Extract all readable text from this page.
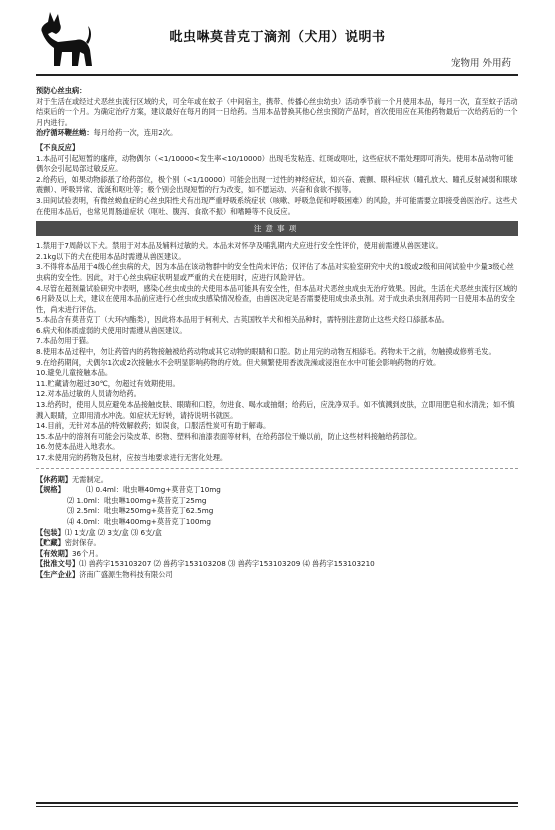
吡虫啉莫昔克丁滴剂（犬用）说明书
宠物用 外用药

预防心丝虫病：

对于生活在或经过犬恶丝虫流行区域的犬，可全年或在蚊子（中间宿主，携带、传播心丝虫幼虫）活动季节前一个月使用本品，每月一次，直至蚊子活动结束后的一个月。为确定治疗方案，建议最好在每月的同一日给药。当用本品替换其他心丝虫预防产品时，首次使用应在其他药物最后一次给药后的一个月内进行。

治疗循环鞭丝蚴：每月给药一次，连用2次。

【不良反应】

1.本品可引起短暂的瘙痒，动物偶尔（<1/10000<发生率<10/10000）出现毛发粘连、红斑或呕吐，这些症状不需处理即可消失。使用本品动物可能偶尔会引起局部过敏反应。

2.给药后，如果动物舔舐了给药部位，极个别（<1/10000）可能会出现一过性的神经症状，如兴奋、震颤、眼科症状（瞳孔放大、瞳孔反射减弱和眼球震颤）、呼吸异常、流涎和呕吐等；极个别会出现短暂的行为改变，如不愿运动、兴奋和食欲不振等。

3.田间试验表明，有微丝蚴血症的心丝虫阳性犬有出现严重呼吸系统症状（咳嗽、呼吸急促和呼吸困难）的风险，并可能需要立即接受兽医治疗。这些犬在使用本品后，也常见胃肠道症状（呕吐、腹泻、食欲不振）和嗜睡等不良反应。

注意事项

1.禁用于7周龄以下犬。禁用于对本品及辅料过敏的犬。本品未对怀孕及哺乳期内犬应进行安全性评价，使用前需遵从兽医建议。

2.1kg以下的犬在使用本品时需遵从兽医建议。

3.不得将本品用于4级心丝虫病的犬，因为本品在该动物群中的安全性尚未评估；仅评估了本品对实验室研究中犬的1级或2级和田间试验中少量3级心丝虫病的安全性。因此，对于心丝虫病症状明显或严重的犬在使用时，应进行风险评估。

4.尽管在超剂量试验研究中表明，感染心丝虫成虫的犬使用本品可能具有安全性，但本品对犬恶丝虫成虫无治疗效果。因此，生活在犬恶丝虫流行区域的6月龄及以上犬，建议在使用本品前应进行心丝虫成虫感染情况检查，由兽医决定是否需要使用成虫杀虫剂。对于成虫杀虫剂用药同一日使用本品的安全性，尚未进行评估。

5.本品含有莫昔克丁（大环内酯类），因此将本品用于柯利犬、古英国牧羊犬和相关品种时，需特别注意防止这些犬经口舔舐本品。

6.病犬和体质虚弱的犬使用时需遵从兽医建议。

7.本品勿用于猫。

8.使用本品过程中，勿让药管内的药物接触被给药动物或其它动物的眼睛和口腔。防止用完的动物互相舔毛。药物未干之前，勿触摸或修剪毛发。

9.在给药期间，犬偶尔1次或2次接触水不会明显影响药物的疗效。但犬频繁使用香波洗澡或浸泡在水中可能会影响药物的疗效。

10.避免儿童接触本品。

11.贮藏请勿超过30℃，勿超过有效期使用。

12.对本品过敏的人员请勿给药。

13.给药时，使用人员应避免本品接触皮肤、眼睛和口腔，勿进食、喝水或抽烟；给药后，应洗净双手。如不慎溅到皮肤，立即用肥皂和水清洗；如不慎溅入眼睛，立即用清水冲洗。如症状无好转，请持说明书就医。

14.目前，无针对本品的特效解救药；如误食，口服活性炭可有助于解毒。

15.本品中的溶剂有可能会污染皮革、织物、塑料和油漆表面等材料，在给药部位干燥以前，防止这些材料接触给药部位。

16.勿使本品进入地表水。

17.未使用完的药物及包材，应按当地要求进行无害化处理。

【休药期】无需制定。

【规格】	⑴ 0.4ml：吡虫啉40mg+莫昔克丁10mg

⑵ 1.0ml：吡虫啉100mg+莫昔克丁25mg

⑶ 2.5ml：吡虫啉250mg+莫昔克丁62.5mg

⑷ 4.0ml：吡虫啉400mg+莫昔克丁100mg

【包装】⑴ 1支/盒 ⑵ 3支/盒 ⑶ 6支/盒

【贮藏】密封保存。

【有效期】36个月。

【批准文号】⑴ 兽药字153103207 ⑵ 兽药字153103208 ⑶ 兽药字153103209 ⑷ 兽药字153103210

【生产企业】济南广盛源生物科技有限公司
